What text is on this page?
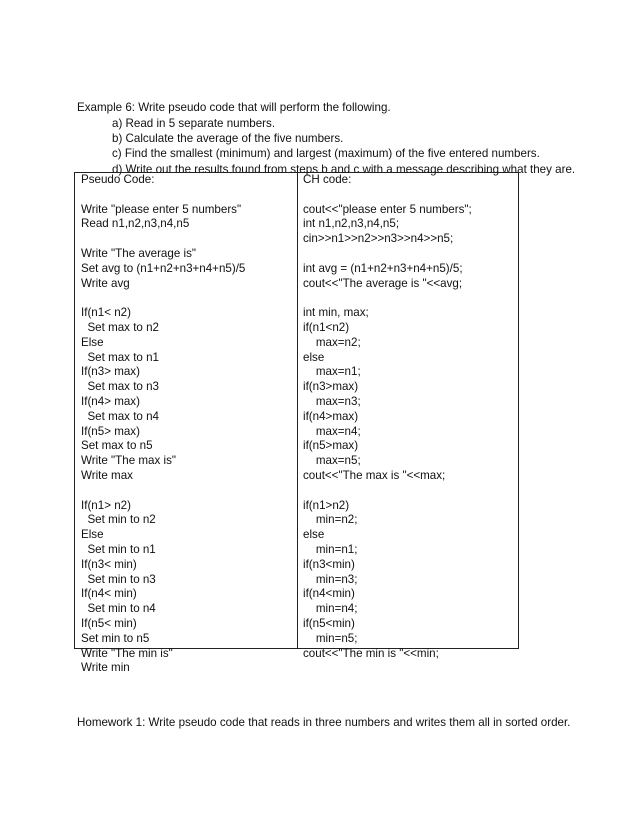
Example 6: Write pseudo code that will perform the following.
a) Read in 5 separate numbers.
b) Calculate the average of the five numbers.
c) Find the smallest (minimum) and largest (maximum) of the five entered numbers.
d) Write out the results found from steps b and c with a message describing what they are.
Pseudo Code:
Write "please enter 5 numbers"
Read n1,n2,n3,n4,n5
Write "The average is"
Set avg to (n1+n2+n3+n4+n5)/5
Write avg
If(n1< n2)
Set max to n2
Else
Set max to n1
If(n3> max)
Set max to n3
If(n4> max)
Set max to n4
If(n5> max)
Set max to n5
Write "The max is"
Write max
If(n1> n2)
Set min to n2
Else
Set min to n1
If(n3< min)
Set min to n3
If(n4< min)
Set min to n4
If(n5< min)
Set min to n5
Write "The min is"
Write min
CH code:
cout<<"please enter 5 numbers";
int n1,n2,n3,n4,n5;
cin>>n1>>n2>>n3>>n4>>n5;
int avg = (n1+n2+n3+n4+n5)/5;
cout<<"The average is "<<avg;
int min, max;
if(n1<n2)
max=n2;
else
max=n1;
if(n3>max)
max=n3;
if(n4>max)
max=n4;
if(n5>max)
max=n5;
cout<<"The max is "<<max;
if(n1>n2)
min=n2;
else
min=n1;
if(n3<min)
min=n3;
if(n4<min)
min=n4;
if(n5<min)
min=n5;
cout<<"The min is "<<min;
Homework 1: Write pseudo code that reads in three numbers and writes them all in sorted order.
